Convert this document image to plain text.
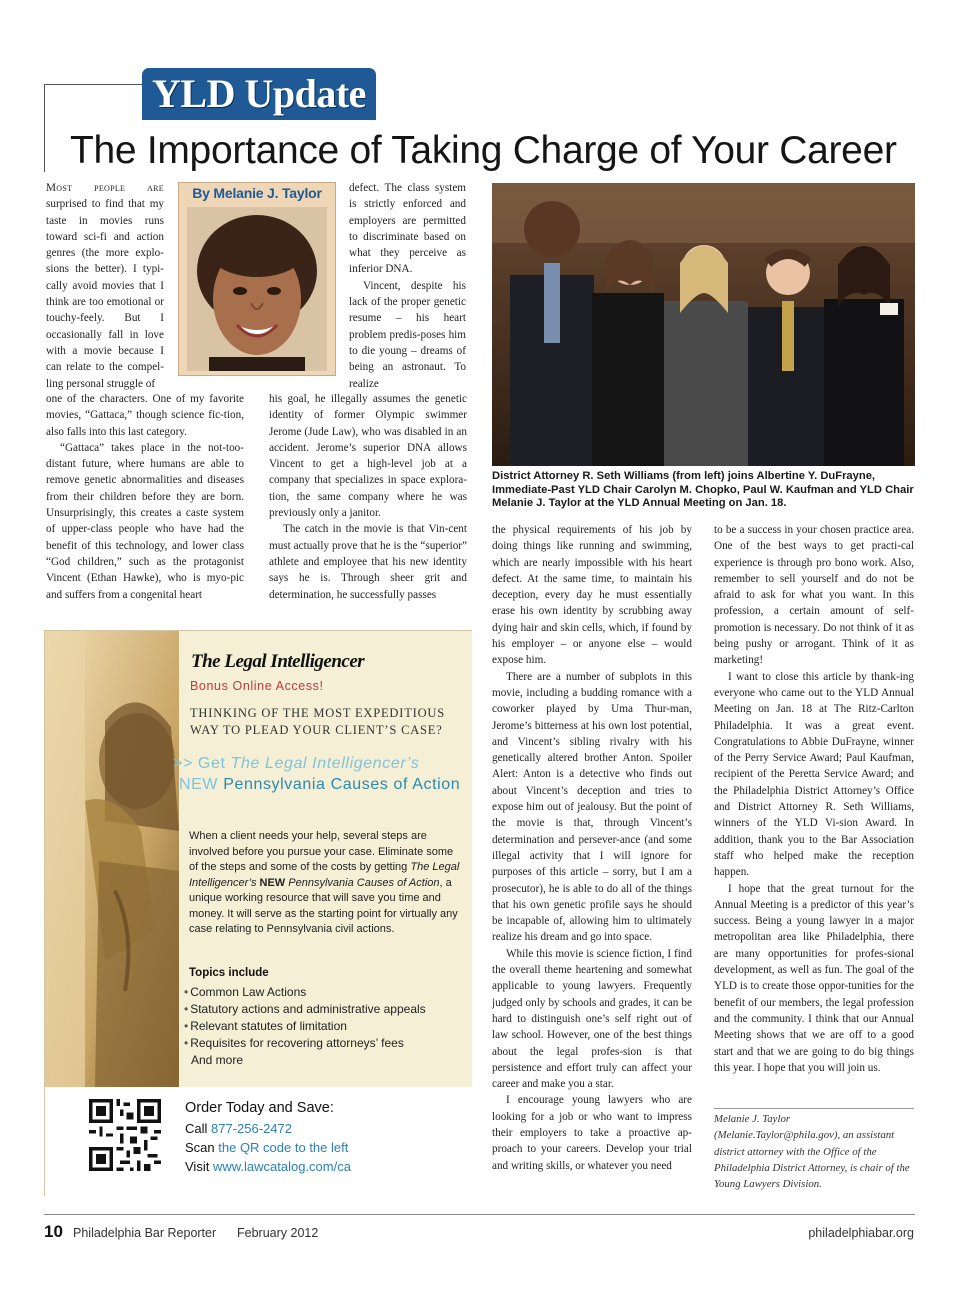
YLD Update
The Importance of Taking Charge of Your Career

Most people are surprised to find that my taste in movies runs toward sci-fi and action genres (the more explo-sions the better). I typi-cally avoid movies that I think are too emotional or touchy-feely. But I occasionally fall in love with a movie because I can relate to the compel-ling personal struggle of

By Melanie J. Taylor	defect. The class system is strictly enforced and employers are permitted to discriminate based on what they perceive as inferior DNA.

Vincent, despite his lack of the proper genetic resume – his heart problem predis-poses him to die young – dreams of being an astronaut. To realize

one of the characters. One of my favorite movies, “Gattaca,” though science fic-tion, also falls into this last category.

“Gattaca” takes place in the not-too-distant future, where humans are able to remove genetic abnormalities and diseases from their children before they are born. Unsurprisingly, this creates a caste system of upper-class people who have had the benefit of this technology, and lower class “God children,” such as the protagonist Vincent (Ethan Hawke), who is myo-pic and suffers from a congenital heart

his goal, he illegally assumes the genetic identity of former Olympic swimmer Jerome (Jude Law), who was disabled in an accident. Jerome’s superior DNA allows Vincent to get a high-level job at a company that specializes in space explora-tion, the same company where he was previously only a janitor.

The catch in the movie is that Vin-cent must actually prove that he is the “superior” athlete and employee that his new identity says he is. Through sheer grit and determination, he successfully passes

District Attorney R. Seth Williams (from left) joins Albertine Y. DuFrayne, Immediate-Past YLD Chair Carolyn M. Chopko, Paul W. Kaufman and YLD Chair Melanie J. Taylor at the YLD Annual Meeting on Jan. 18.

the physical requirements of his job by doing things like running and swimming, which are nearly impossible with his heart defect. At the same time, to maintain his deception, every day he must essentially erase his own identity by scrubbing away dying hair and skin cells, which, if found by his employer – or anyone else – would expose him.

There are a number of subplots in this movie, including a budding romance with a coworker played by Uma Thur-man, Jerome’s bitterness at his own lost potential, and Vincent’s sibling rivalry with his genetically altered brother Anton. Spoiler Alert: Anton is a detective who finds out about Vincent’s deception and tries to expose him out of jealousy. But the point of the movie is that, through Vincent’s determination and persever-ance (and some illegal activity that I will ignore for purposes of this article – sorry, but I am a prosecutor), he is able to do all of the things that his own genetic profile says he should be incapable of, allowing him to ultimately realize his dream and go into space.

While this movie is science fiction, I find the overall theme heartening and somewhat applicable to young lawyers. Frequently judged only by schools and grades, it can be hard to distinguish one’s self right out of law school. However, one of the best things about the legal profes-sion is that persistence and effort truly can affect your career and make you a star.

I encourage young lawyers who are looking for a job or who want to impress their employers to take a proactive ap-proach to your careers. Develop your trial and writing skills, or whatever you need

to be a success in your chosen practice area. One of the best ways to get practi-cal experience is through pro bono work. Also, remember to sell yourself and do not be afraid to ask for what you want. In this profession, a certain amount of self-promotion is necessary. Do not think of it as being pushy or arrogant. Think of it as marketing!

I want to close this article by thank-ing everyone who came out to the YLD Annual Meeting on Jan. 18 at The Ritz-Carlton Philadelphia. It was a great event. Congratulations to Abbie DuFrayne, winner of the Perry Service Award; Paul Kaufman, recipient of the Peretta Service Award; and the Philadelphia District Attorney’s Office and District Attorney R. Seth Williams, winners of the YLD Vi-sion Award. In addition, thank you to the Bar Association staff who helped make the reception happen.

I hope that the great turnout for the Annual Meeting is a predictor of this year’s success. Being a young lawyer in a major metropolitan area like Philadelphia, there are many opportunities for profes-sional development, as well as fun. The goal of the YLD is to create those oppor-tunities for the benefit of our members, the legal profession and the community. I think that our Annual Meeting shows that we are off to a good start and that we are going to do big things this year. I hope that you will join us.

Melanie J. Taylor (Melanie.Taylor@phila.gov), an assistant district attorney with the Office of the Philadelphia District Attorney, is chair of the Young Lawyers Division.
The Legal Intelligencer
Bonus Online Access!
THINKING OF THE MOST EXPEDITIOUS WAY TO PLEAD YOUR CLIENT’S CASE?
>> Get The Legal Intelligencer’s
NEW Pennsylvania Causes of Action
When a client needs your help, several steps are involved before you pursue your case. Eliminate some of the steps and some of the costs by getting The Legal Intelligencer’s NEW Pennsylvania Causes of Action, a unique working resource that will save you time and money. It will serve as the starting point for virtually any case relating to Pennsylvania civil actions.
Topics include
• Common Law Actions
• Statutory actions and administrative appeals
• Relevant statutes of limitation
• Requisites for recovering attorneys’ fees
And more
Order Today and Save:
Call 877-256-2472
Scan the QR code to the left
Visit www.lawcatalog.com/ca
10 Philadelphia Bar Reporter February 2012	philadelphiabar.org
